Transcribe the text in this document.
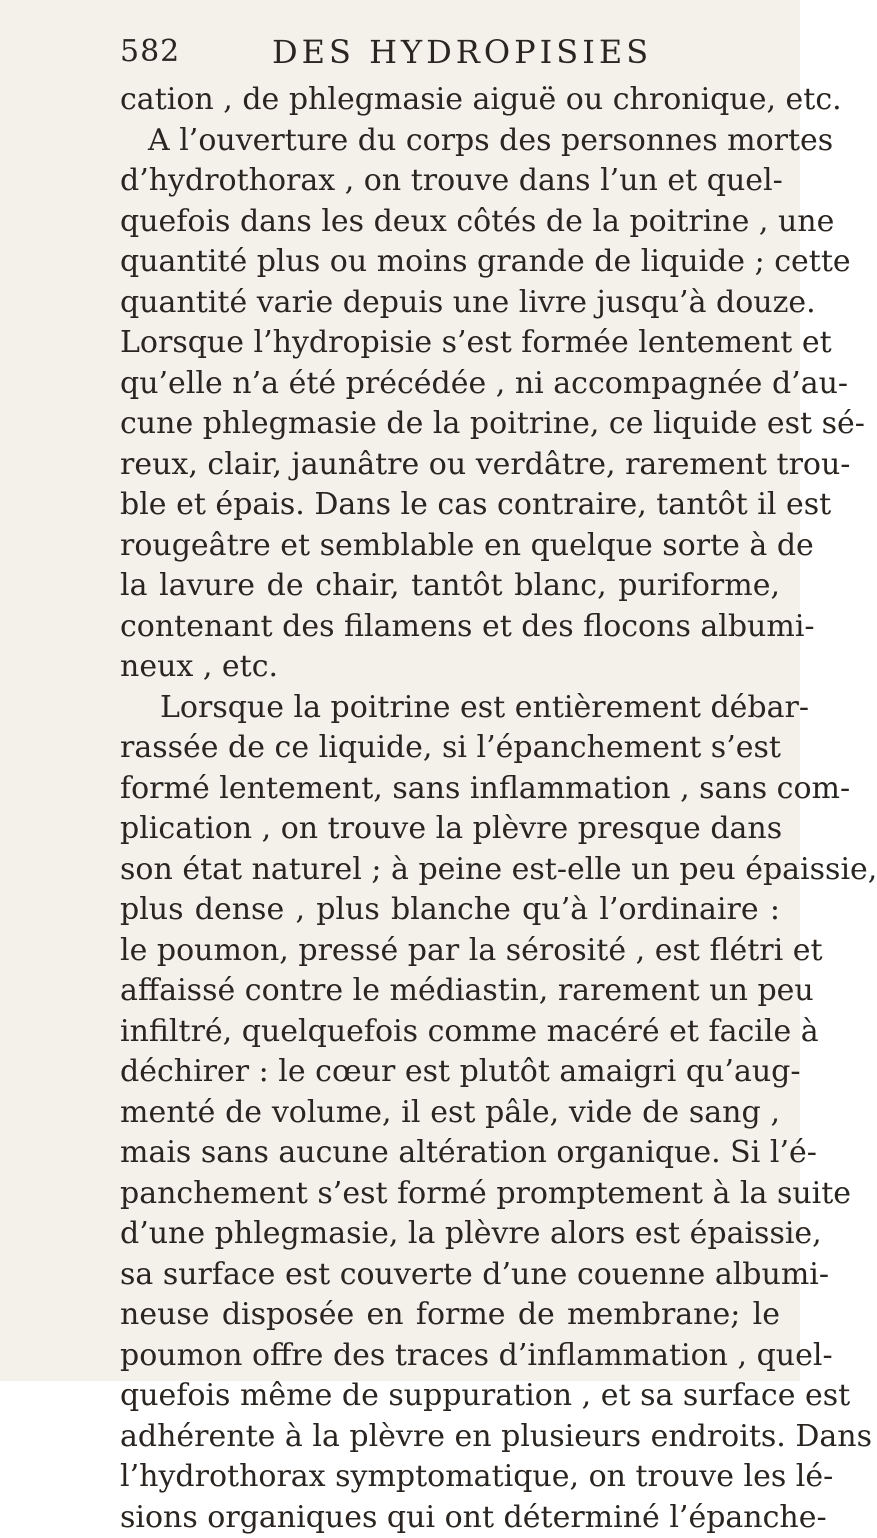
582	DES HYDROPISIES
cation , de phlegmasie aiguë ou chronique, etc.
A l’ouverture du corps des personnes mortes
d’hydrothorax , on trouve dans l’un et quel-
quefois dans les deux côtés de la poitrine , une
quantité plus ou moins grande de liquide ; cette
quantité varie depuis une livre jusqu’à douze.
Lorsque l’hydropisie s’est formée lentement et
qu’elle n’a été précédée , ni accompagnée d’au-
cune phlegmasie de la poitrine, ce liquide est sé-
reux, clair, jaunâtre ou verdâtre, rarement trou-
ble et épais. Dans le cas contraire, tantôt il est
rougeâtre et semblable en quelque sorte à de
la lavure de chair, tantôt blanc, puriforme,
contenant des filamens et des flocons albumi-
neux , etc.
Lorsque la poitrine est entièrement débar-
rassée de ce liquide, si l’épanchement s’est
formé lentement, sans inflammation , sans com-
plication , on trouve la plèvre presque dans
son état naturel ; à peine est-elle un peu épaissie,
plus dense , plus blanche qu’à l’ordinaire :
le poumon, pressé par la sérosité , est flétri et
affaissé contre le médiastin, rarement un peu
infiltré, quelquefois comme macéré et facile à
déchirer : le cœur est plutôt amaigri qu’aug-
menté de volume, il est pâle, vide de sang ,
mais sans aucune altération organique. Si l’é-
panchement s’est formé promptement à la suite
d’une phlegmasie, la plèvre alors est épaissie,
sa surface est couverte d’une couenne albumi-
neuse disposée en forme de membrane; le
poumon offre des traces d’inflammation , quel-
quefois même de suppuration , et sa surface est
adhérente à la plèvre en plusieurs endroits. Dans
l’hydrothorax symptomatique, on trouve les lé-
sions organiques qui ont déterminé l’épanche-
